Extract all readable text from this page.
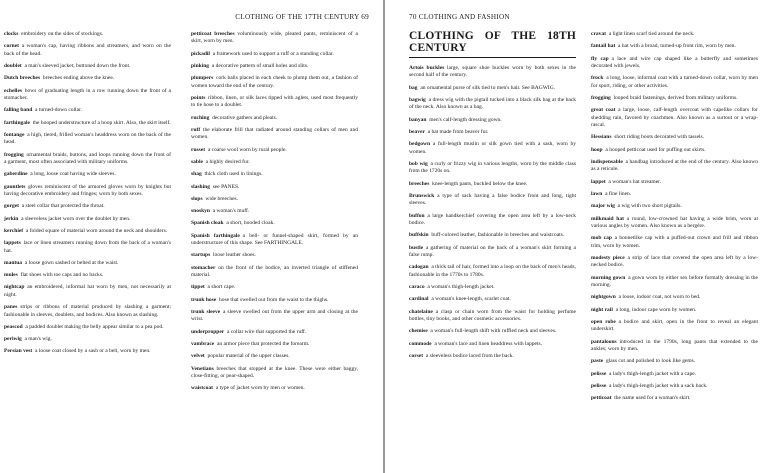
CLOTHING OF THE 17TH CENTURY 69

clocks  embroidery on the sides of stockings.

cornet  a woman's cap, having ribbons and streamers, and worn on the back of the head.

doublet  a man's sleeved jacket, buttoned down the front.

Dutch breeches  breeches ending above the knee.

echelles  bows of graduating length in a row running down the front of a stomacher.

falling band  a turned-down collar.

farthingale  the hooped understructure of a hoop skirt. Also, the skirt itself.

fontange  a high, tiered, frilled woman's headdress worn on the back of the head.

frogging  ornamental braids, buttons, and loops running down the front of a garment, most often associated with military uniforms.

gaberdine  a long, loose coat having wide sleeves.

gauntlets  gloves reminiscent of the armored gloves worn by knights but having decorative embroidery and fringes; worn by both sexes.

gorget  a steel collar that protected the throat.

jerkin  a sleeveless jacket worn over the doublet by men.

kerchief  a folded square of material worn around the neck and shoulders.

lappets  lace or linen streamers running down from the back of a woman's hat.

mantua  a loose gown sashed or belted at the waist.

mules  flat shoes with toe caps and no backs.

nightcap  an embroidered, informal hat worn by men, not necessarily at night.

panes  strips or ribbons of material produced by slashing a garment; fashionable in sleeves, doublets, and bodices. Also known as slashing.

peascod  a padded doublet making the belly appear similar to a pea pod.

periwig  a man's wig.

Persian vest  a loose coat closed by a sash or a belt, worn by men.

petticoat breeches  voluminously wide, pleated pants, reminiscent of a skirt, worn by men.

pickadil  a framework used to support a ruff or a standing collar.

pinking  a decorative pattern of small holes and slits.

plumpers  cork balls placed in each cheek to plump them out, a fashion of women toward the end of the century.

points  ribbon, linen, or silk laces tipped with aglets, used most frequently to tie hose to a doublet.

ruching  decorative gathers and pleats.

ruff  the elaborate frill that radiated around standing collars of men and women.

russet  a coarse wool worn by rural people.

sable  a highly desired fur.

shag  thick cloth used in linings.

slashing  see PANES.

slops  wide breeches.

snoskyn  a woman's muff.

Spanish cloak  a short, hooded cloak.

Spanish farthingale  a bell- or funnel-shaped skirt, formed by an understructure of this shape. See FARTHINGALE.

startups  loose leather shoes.

stomacher  on the front of the bodice, an inverted triangle of stiffened material.

tippet  a short cape.

trunk hose  hose that swelled out from the waist to the thighs.

trunk sleeve  a sleeve swelled out from the upper arm and closing at the wrist.

underpropper  a collar wire that supported the ruff.

vambrace  an armor piece that protected the forearm.

velvet  popular material of the upper classes.

Venetians  breeches that stopped at the knee. These were either baggy, close-fitting, or pear-shaped.

waistcoat  a type of jacket worn by men or women.

70 CLOTHING AND FASHION
CLOTHING OF THE 18TH CENTURY

Artois buckles  large, square shoe buckles worn by both sexes in the second half of the century.

bag  an ornamental purse of silk tied to men's hair. See BAGWIG.

bagwig  a dress wig with the pigtail tucked into a black silk bag at the back of the neck. Also known as a bag.

banyan  men's calf-length dressing gown.

beaver  a hat made from beaver fur.

bedgown  a full-length muslin or silk gown tied with a sash, worn by women.

bob wig  a curly or frizzy wig in various lengths, worn by the middle class from the 1720s on.

breeches  knee-length pants, buckled below the knee.

Brunswick  a type of sack having a false bodice front and long, tight sleeves.

buffon  a large handkerchief covering the open area left by a low-neck bodice.

buffskin  buff-colored leather, fashionable in breeches and waistcoats.

bustle  a gathering of material on the back of a woman's skirt forming a false rump.

cadogan  a thick tail of hair, formed into a loop on the back of men's heads, fashionable in the 1770s to 1780s.

caraco  a woman's thigh-length jacket.

cardinal  a woman's knee-length, scarlet coat.

chatelaine  a clasp or chain worn from the waist for holding perfume bottles, tiny books, and other cosmetic accessories.

chemise  a woman's full-length shift with ruffled neck and sleeves.

commode  a woman's lace and linen headdress with lappets.

corset  a sleeveless bodice laced from the back.

cravat  a light linen scarf tied around the neck.

fantail hat  a hat with a broad, turned-up front rim, worn by men.

fly cap  a lace and wire cap shaped like a butterfly and sometimes decorated with jewels.

frock  a long, loose, informal coat with a turned-down collar, worn by men for sport, riding, or other activities.

frogging  looped braid fastenings, derived from military uniforms.

great coat  a large, loose, calf-length overcoat with capelike collars for shedding rain, favored by coachmen. Also known as a surtout or a wrap-rascal.

Hessians  short riding boots decorated with tassels.

hoop  a hooped petticoat used for puffing out skirts.

indispensable  a handbag introduced at the end of the century. Also known as a reticule.

lappet  a woman's hat streamer.

lawn  a fine linen.

major wig  a wig with two short pigtails.

milkmaid hat  a round, low-crowned hat having a wide brim, worn at various angles by women. Also known as a bergère.

mob cap  a bonnetlike cap with a puffed-out crown and frill and ribbon trim, worn by women.

modesty piece  a strip of lace that covered the open area left by a low-necked bodice.

morning gown  a gown worn by either sex before formally dressing in the morning.

nightgown  a loose, indoor coat, not worn to bed.

night rail  a long, indoor cape worn by women.

open robe  a bodice and skirt, open in the front to reveal an elegant underskirt.

pantaloons  introduced in the 1790s, long pants that extended to the ankles; worn by men.

paste  glass cut and polished to look like gems.

pelisse  a lady's thigh-length jacket with a cape.

pelisse  a lady's thigh-length jacket with a sack back.

petticoat  the name used for a woman's skirt.
